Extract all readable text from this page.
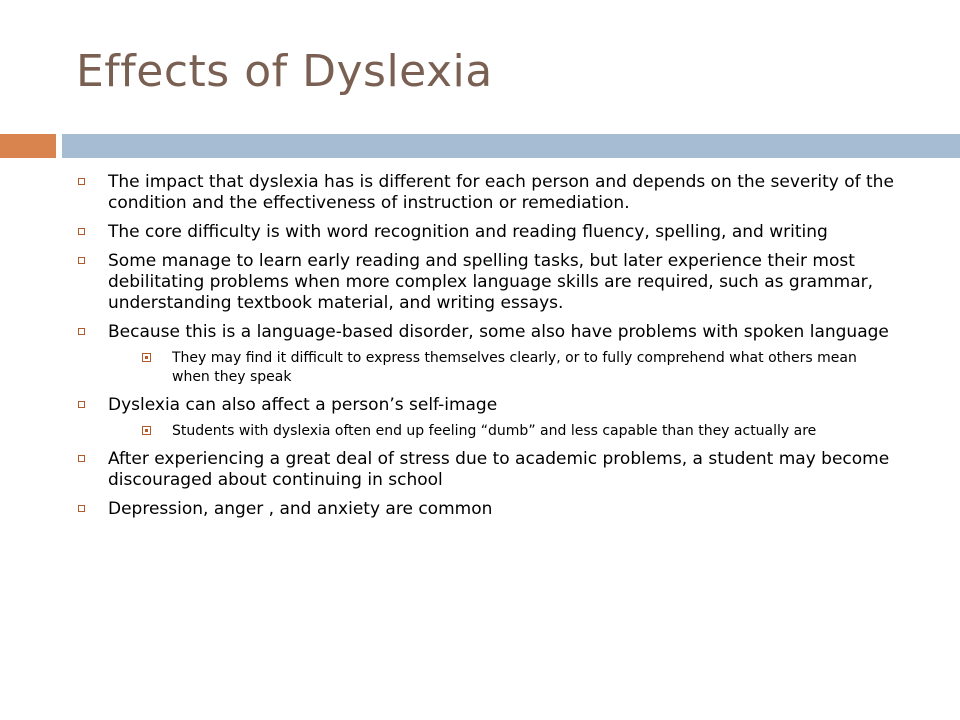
Effects of Dyslexia
The impact that dyslexia has is different for each person and depends on the severity of the condition and the effectiveness of instruction or remediation.
The core difficulty is with word recognition and reading fluency, spelling, and writing
Some manage to learn early reading and spelling tasks, but later experience their most debilitating problems when more complex language skills are required, such as grammar, understanding textbook material, and writing essays.
Because this is a language-based disorder, some also have problems with spoken language
They may find it difficult to express themselves clearly, or to fully comprehend what others mean when they speak
Dyslexia can also affect a person’s self-image
Students with dyslexia often end up feeling “dumb” and less capable than they actually are
After experiencing a great deal of stress due to academic problems, a student may become discouraged about continuing in school
Depression, anger , and anxiety are common
